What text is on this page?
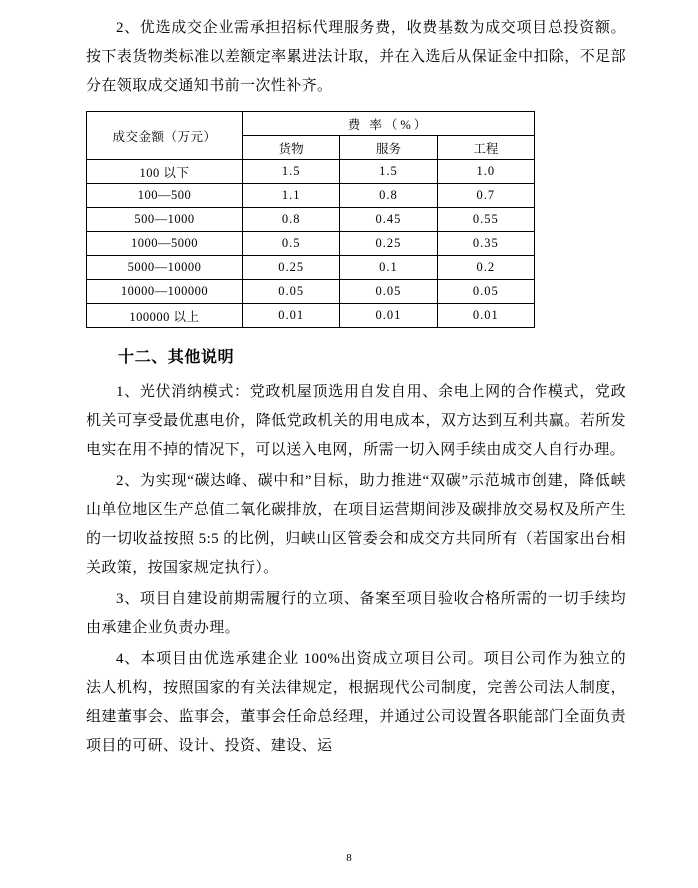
2、优选成交企业需承担招标代理服务费，收费基数为成交项目总投资额。按下表货物类标准以差额定率累进法计取，并在入选后从保证金中扣除，不足部分在领取成交通知书前一次性补齐。

成交金额（万元）	费 率（%）		
	货物	服务	工程
100 以下	1.5	1.5	1.0
100—500	1.1	0.8	0.7
500—1000	0.8	0.45	0.55
1000—5000	0.5	0.25	0.35
5000—10000	0.25	0.1	0.2
10000—100000	0.05	0.05	0.05
100000 以上	0.01	0.01	0.01
十二、其他说明

1、光伏消纳模式：党政机屋顶选用自发自用、余电上网的合作模式，党政机关可享受最优惠电价，降低党政机关的用电成本，双方达到互利共赢。若所发电实在用不掉的情况下，可以送入电网，所需一切入网手续由成交人自行办理。

2、为实现“碳达峰、碳中和”目标，助力推进“双碳”示范城市创建，降低峡山单位地区生产总值二氧化碳排放，在项目运营期间涉及碳排放交易权及所产生的一切收益按照 5:5 的比例，归峡山区管委会和成交方共同所有（若国家出台相关政策，按国家规定执行）。

3、项目自建设前期需履行的立项、备案至项目验收合格所需的一切手续均由承建企业负责办理。

4、本项目由优选承建企业 100%出资成立项目公司。项目公司作为独立的法人机构，按照国家的有关法律规定，根据现代公司制度，完善公司法人制度，组建董事会、监事会，董事会任命总经理，并通过公司设置各职能部门全面负责项目的可研、设计、投资、建设、运

8
